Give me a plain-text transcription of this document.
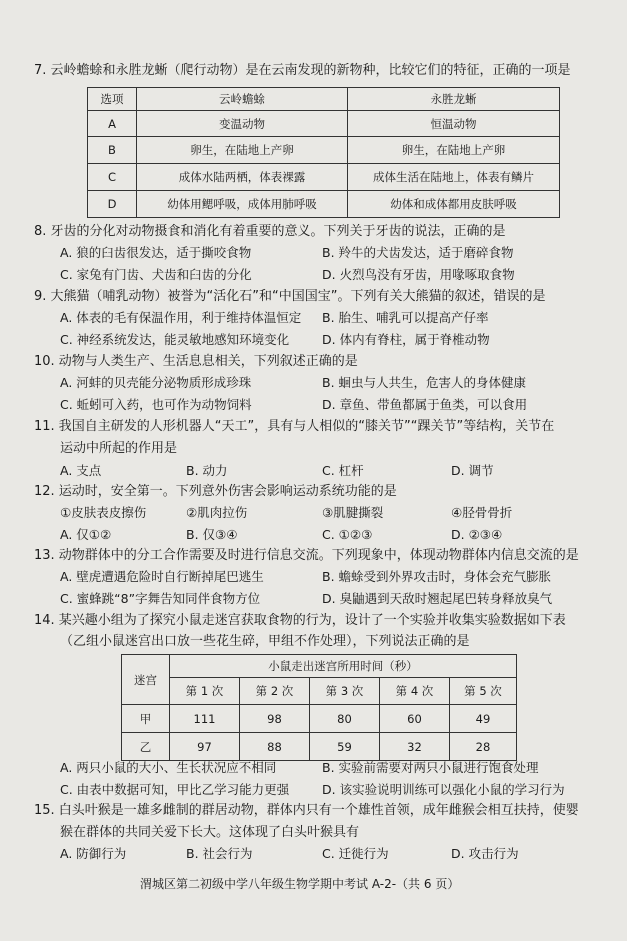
7. 云岭蟾蜍和永胜龙蜥（爬行动物）是在云南发现的新物种，比较它们的特征，正确的一项是
选项	云岭蟾蜍	永胜龙蜥
A	变温动物	恒温动物
B	卵生，在陆地上产卵	卵生，在陆地上产卵
C	成体水陆两栖，体表裸露	成体生活在陆地上，体表有鳞片
D	幼体用鳃呼吸，成体用肺呼吸	幼体和成体都用皮肤呼吸
8. 牙齿的分化对动物摄食和消化有着重要的意义。下列关于牙齿的说法，正确的是
A. 狼的臼齿很发达，适于撕咬食物	B. 羚牛的犬齿发达，适于磨碎食物
C. 家兔有门齿、犬齿和臼齿的分化	D. 火烈鸟没有牙齿，用喙啄取食物
9. 大熊猫（哺乳动物）被誉为“活化石”和“中国国宝”。下列有关大熊猫的叙述，错误的是
A. 体表的毛有保温作用，利于维持体温恒定 B. 胎生、哺乳可以提高产仔率
C. 神经系统发达，能灵敏地感知环境变化	D. 体内有脊柱，属于脊椎动物
10. 动物与人类生产、生活息息相关，下列叙述正确的是
A. 河蚌的贝壳能分泌物质形成珍珠	B. 蛔虫与人共生，危害人的身体健康
C. 蚯蚓可入药，也可作为动物饲料	D. 章鱼、带鱼都属于鱼类，可以食用
11. 我国自主研发的人形机器人“天工”，具有与人相似的“膝关节”“踝关节”等结构，关节在
运动中所起的作用是
A. 支点	B. 动力	C. 杠杆	D. 调节
12. 运动时，安全第一。下列意外伤害会影响运动系统功能的是
①皮肤表皮擦伤	②肌肉拉伤	③肌腱撕裂	④胫骨骨折
A. 仅①②	B. 仅③④	C. ①②③	D. ②③④
13. 动物群体中的分工合作需要及时进行信息交流。下列现象中，体现动物群体内信息交流的是
A. 壁虎遭遇危险时自行断掉尾巴逃生	B. 蟾蜍受到外界攻击时，身体会充气膨胀
C. 蜜蜂跳“8”字舞告知同伴食物方位	D. 臭鼬遇到天敌时翘起尾巴转身释放臭气
14. 某兴趣小组为了探究小鼠走迷宫获取食物的行为，设计了一个实验并收集实验数据如下表
（乙组小鼠迷宫出口放一些花生碎，甲组不作处理），下列说法正确的是
迷宫	小鼠走出迷宫所用时间（秒）				
	第 1 次	第 2 次	第 3 次	第 4 次	第 5 次
甲	111	98	80	60	49
乙	97	88	59	32	28
A. 两只小鼠的大小、生长状况应不相同	B. 实验前需要对两只小鼠进行饱食处理
C. 由表中数据可知，甲比乙学习能力更强	D. 该实验说明训练可以强化小鼠的学习行为
15. 白头叶猴是一雄多雌制的群居动物，群体内只有一个雄性首领，成年雌猴会相互扶持，使婴
猴在群体的共同关爱下长大。这体现了白头叶猴具有
A. 防御行为	B. 社会行为	C. 迁徙行为	D. 攻击行为
渭城区第二初级中学八年级生物学期中考试 A-2-（共 6 页）
